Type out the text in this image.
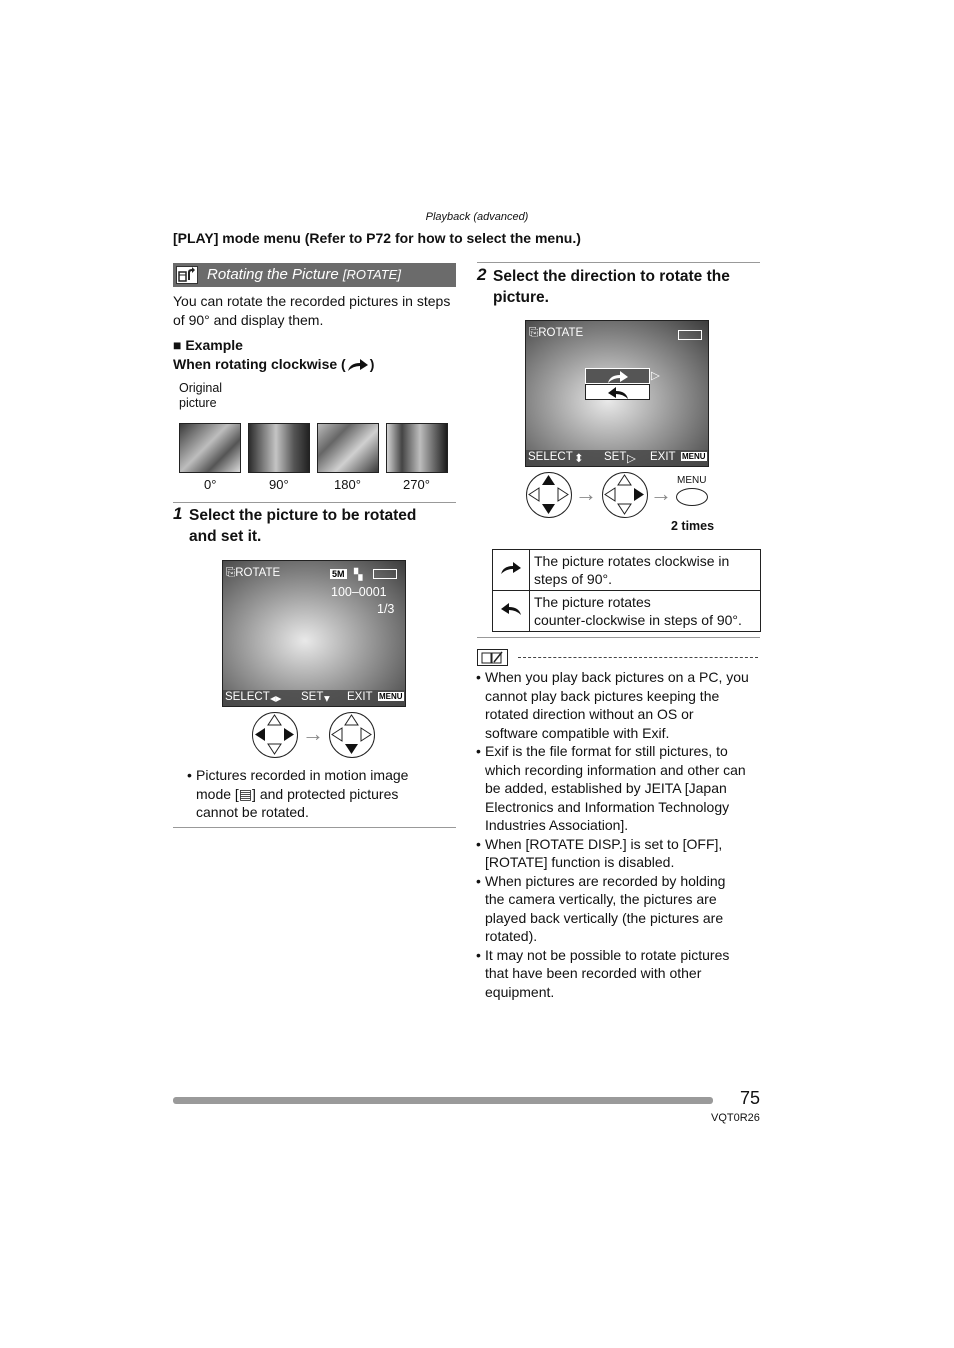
Playback (advanced)
[PLAY] mode menu (Refer to P72 for how to select the menu.)
Rotating the Picture [ROTATE]
You can rotate the recorded pictures in steps of 90° and display them.
■ Example
When rotating clockwise ( )
Original
picture
0°	90°	180°	270°
1 Select the picture to be rotated
and set it.
⎘ROTATE	5M ▚
100–0001
1/3
SELECT ◂▸ SET ▾ EXIT MENU
→
• Pictures recorded in motion image
mode [▤] and protected pictures
cannot be rotated.
2 Select the direction to rotate the
picture.
⎘ROTATE
▷
SELECT ⬍ SET ▷ EXIT MENU
→ →
MENU
2 times
	The picture rotates clockwise in
steps of 90°.
	The picture rotates
counter-clockwise in steps of 90°.
• When you play back pictures on a PC, you
cannot play back pictures keeping the
rotated direction without an OS or
software compatible with Exif.
• Exif is the file format for still pictures, to
which recording information and other can
be added, established by JEITA [Japan
Electronics and Information Technology
Industries Association].
• When [ROTATE DISP.] is set to [OFF],
[ROTATE] function is disabled.
• When pictures are recorded by holding
the camera vertically, the pictures are
played back vertically (the pictures are
rotated).
• It may not be possible to rotate pictures
that have been recorded with other
equipment.
75
VQT0R26
